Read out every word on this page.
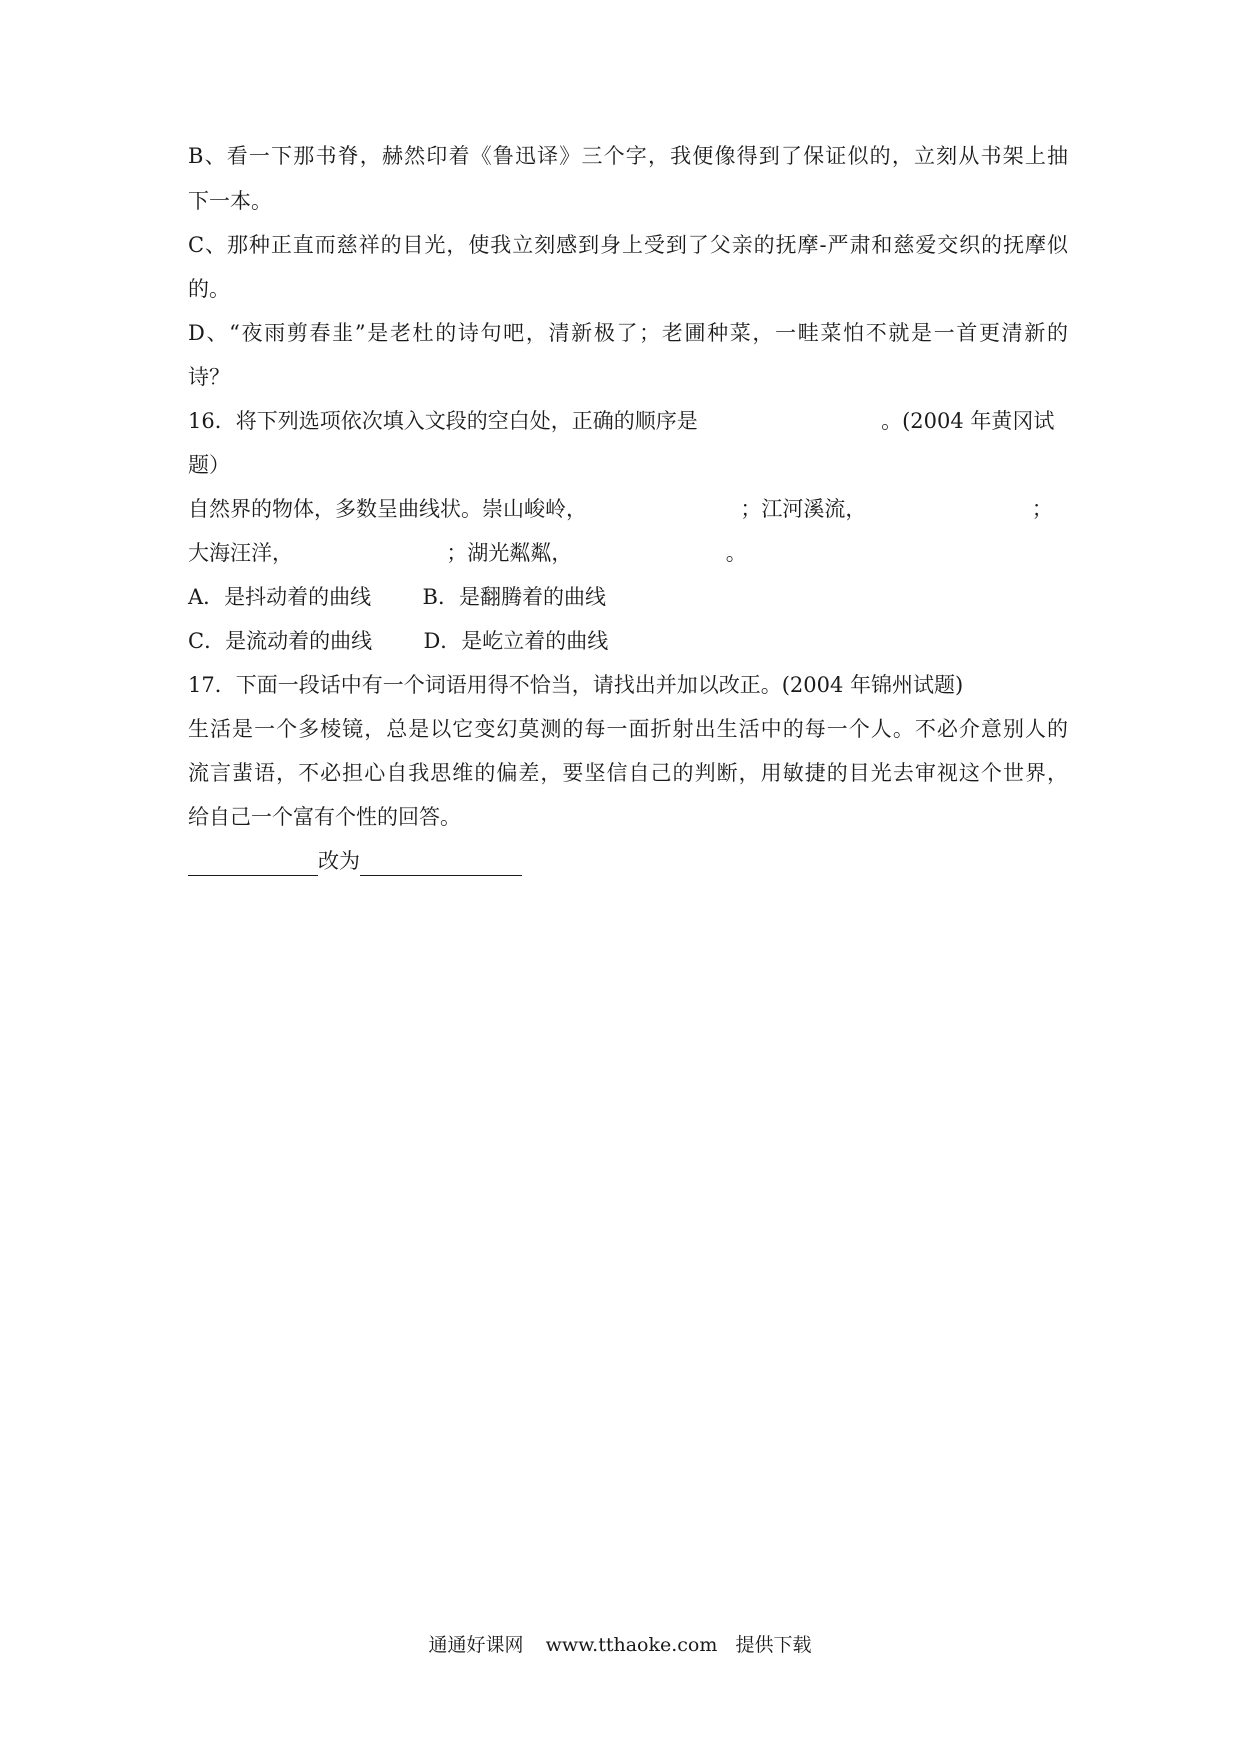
B、看一下那书脊，赫然印着《鲁迅译》三个字，我便像得到了保证似的，立刻从书架上抽
下一本。
C、那种正直而慈祥的目光，使我立刻感到身上受到了父亲的抚摩-严肃和慈爱交织的抚摩似
的。
D、“夜雨剪春韭”是老杜的诗句吧，清新极了；老圃种菜，一畦菜怕不就是一首更清新的
诗？
16．将下列选项依次填入文段的空白处，正确的顺序是	。(2004 年黄冈试
题）
自然界的物体，多数呈曲线状。崇山峻岭，	；江河溪流，	；
大海汪洋，	；湖光粼粼，	。
A．是抖动着的曲线 B．是翻腾着的曲线
C．是流动着的曲线 D．是屹立着的曲线
17．下面一段话中有一个词语用得不恰当，请找出并加以改正。(2004 年锦州试题)
生活是一个多棱镜，总是以它变幻莫测的每一面折射出生活中的每一个人。不必介意别人的
流言蜚语，不必担心自我思维的偏差，要坚信自己的判断，用敏捷的目光去审视这个世界，
给自己一个富有个性的回答。
改为
通通好课网 www.tthaoke.com 提供下载
